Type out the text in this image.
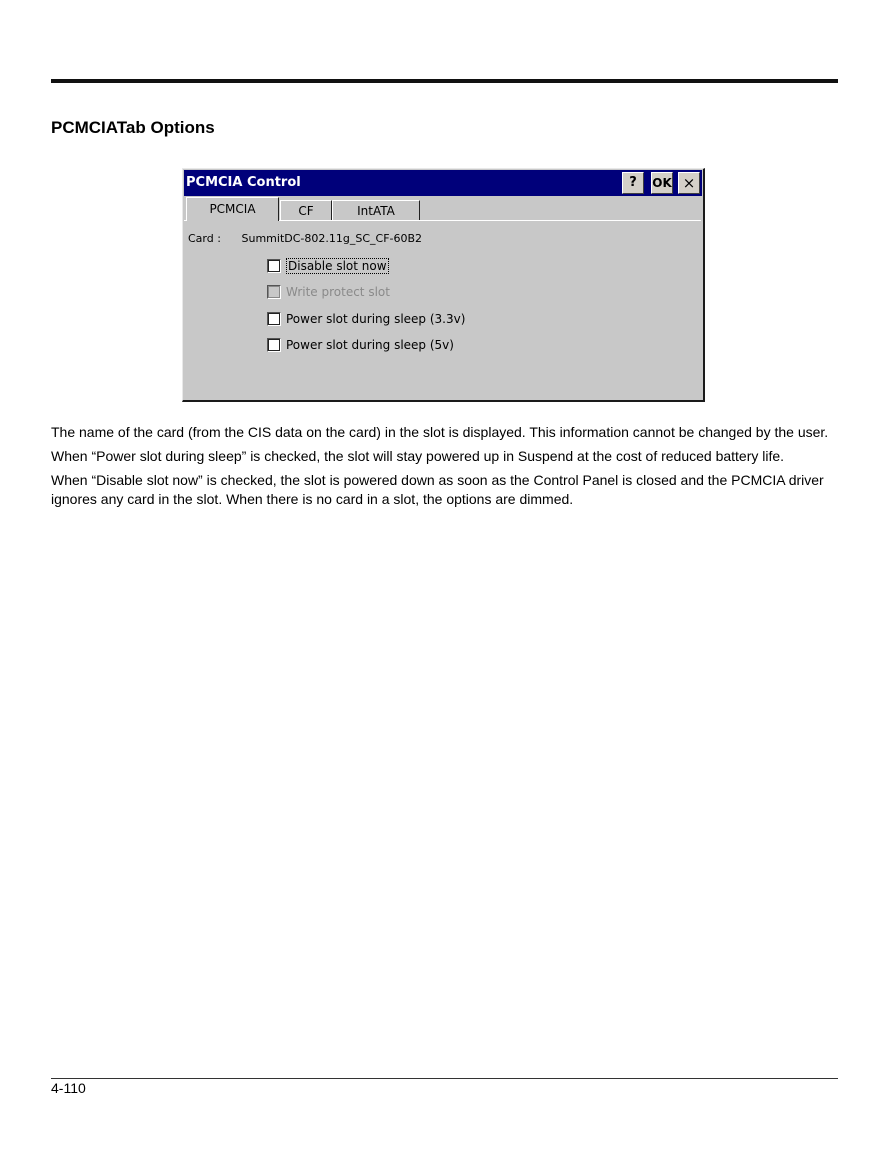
PCMCIATab Options
PCMCIA Control	?	OK ×
PCMCIA	CF	IntATA
Card : SummitDC-802.11g_SC_CF-60B2
Disable slot now
Write protect slot
Power slot during sleep (3.3v)
Power slot during sleep (5v)

The name of the card (from the CIS data on the card) in the slot is displayed. This information cannot be changed by the user.

When “Power slot during sleep” is checked, the slot will stay powered up in Suspend at the cost of reduced battery life.

When “Disable slot now” is checked, the slot is powered down as soon as the Control Panel is closed and the PCMCIA driver ignores any card in the slot. When there is no card in a slot, the options are dimmed.

4-110
